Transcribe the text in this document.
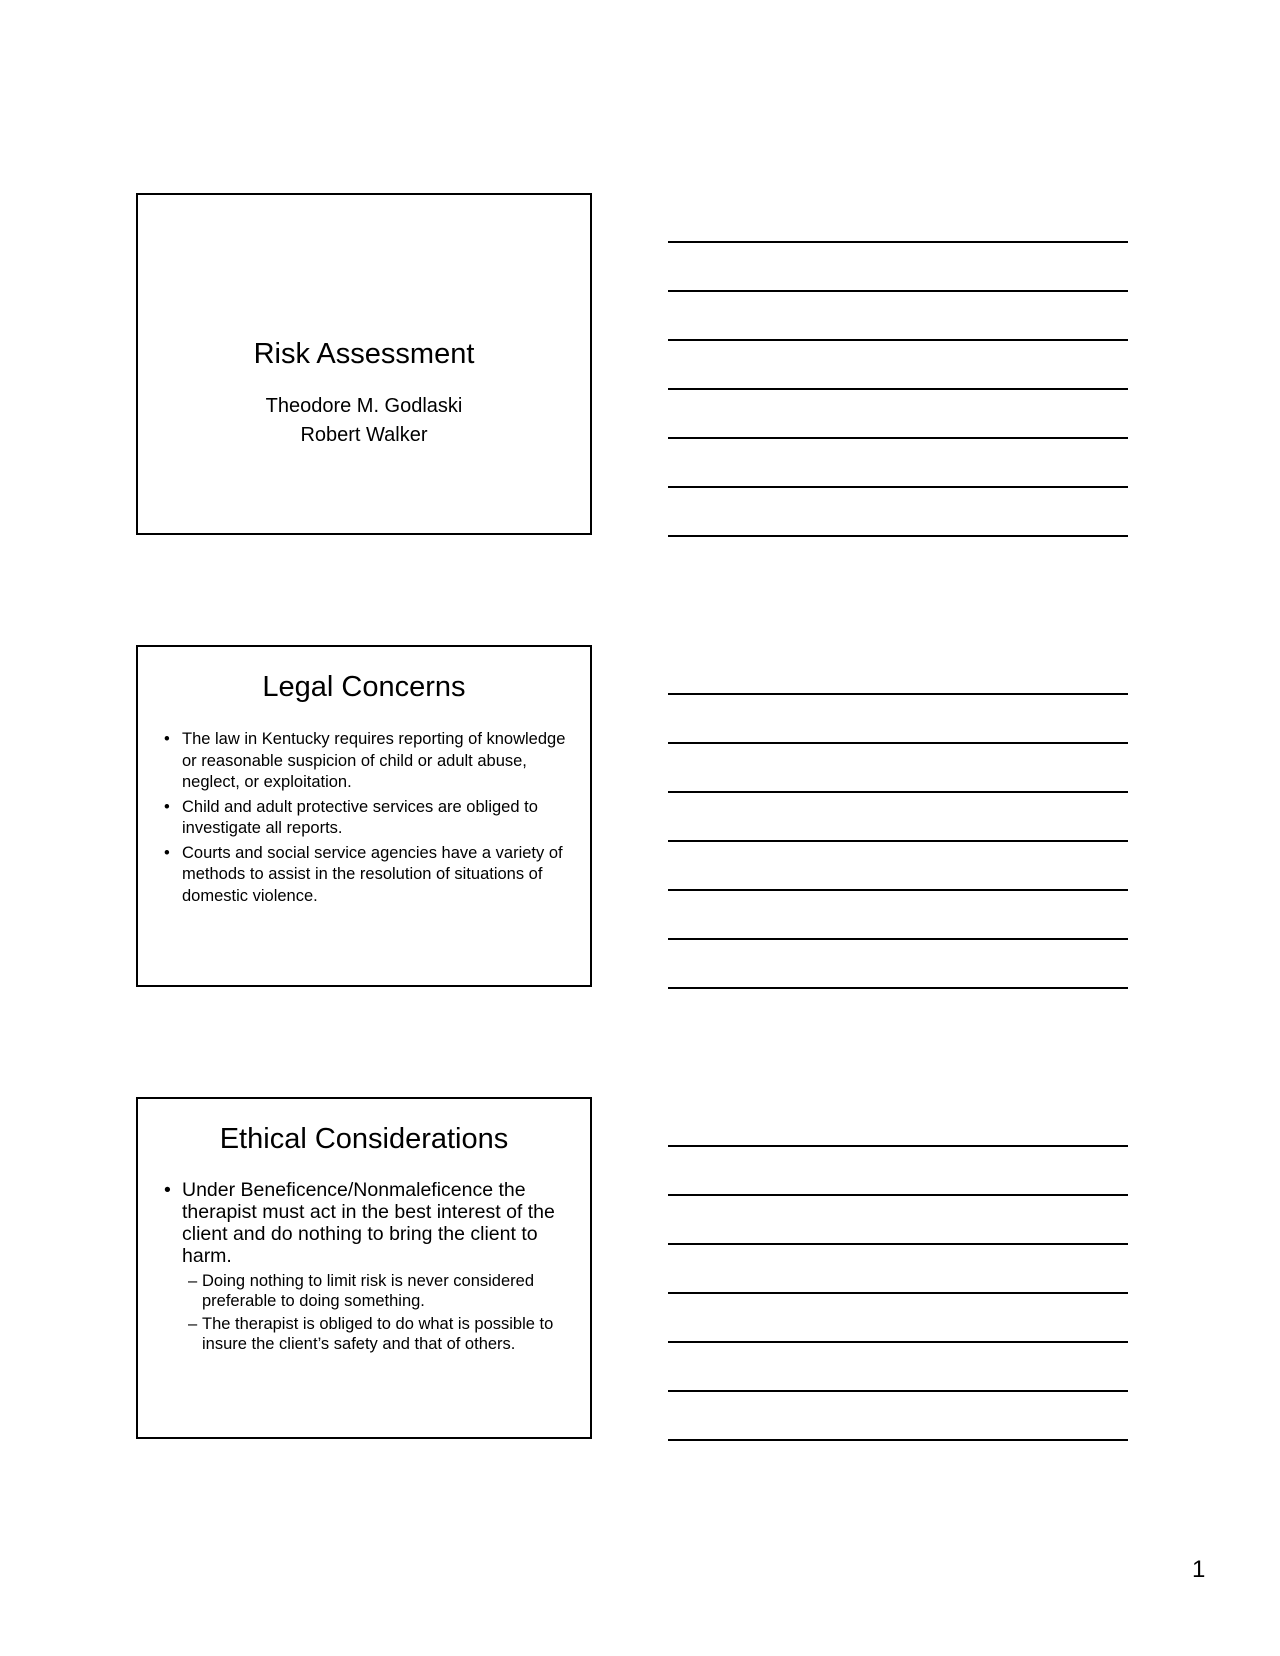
Risk Assessment
Theodore M. Godlaski
Robert Walker
Legal Concerns
• The law in Kentucky requires reporting of knowledge or reasonable suspicion of child or adult abuse, neglect, or exploitation.
• Child and adult protective services are obliged to investigate all reports.
• Courts and social service agencies have a variety of methods to assist in the resolution of situations of domestic violence.
Ethical Considerations
• Under Beneficence/Nonmaleficence the therapist must act in the best interest of the client and do nothing to bring the client to harm.
– Doing nothing to limit risk is never considered preferable to doing something.
– The therapist is obliged to do what is possible to insure the client’s safety and that of others.
1
